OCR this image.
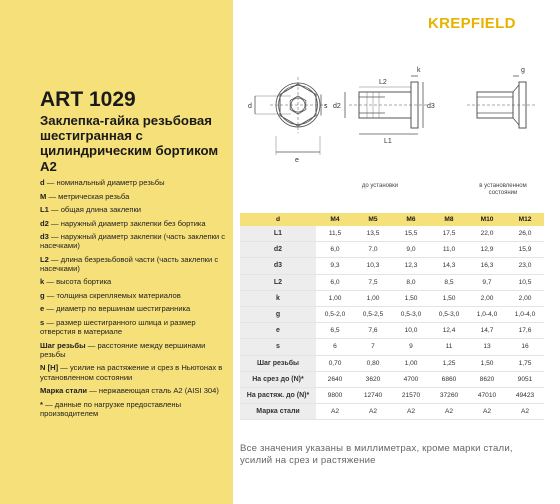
ART 1029
Заклепка-гайка резьбовая шестигранная с цилиндрическим бортиком А2
d — номинальный диаметр резьбы
M — метрическая резьба
L1 — общая длина заклепки
d2 — наружный диаметр заклепки без бортика
d3 — наружный диаметр заклепки (часть заклепки с насечками)
L2 — длина безрезьбовой части (часть заклепки с насечками)
k — высота бортика
g — толщина скрепляемых материалов
e — диаметр по вершинам шестигранника
s — размер шестигранного шлица и размер отверстия в материале
Шаг резьбы — расстояние между вершинами резьбы
N [H] — усилие на растяжение и срез в Ньютонах в установленном состоянии
Марка стали — нержавеющая сталь А2 (AISI 304)
* — данные по нагрузке предоставлены производителем
KREPFIELD
d
e
s d2	d3
L1
L2
k	g
до установки	в установленном состоянии
d	M4	M5	M6	M8	M10	M12
L1	11,5	13,5	15,5	17,5	22,0	26,0
d2	6,0	7,0	9,0	11,0	12,9	15,9
d3	9,3	10,3	12,3	14,3	16,3	23,0
L2	6,0	7,5	8,0	8,5	9,7	10,5
k	1,00	1,00	1,50	1,50	2,00	2,00
g	0,5-2,0	0,5-2,5	0,5-3,0	0,5-3,0	1,0-4,0	1,0-4,0
e	6,5	7,6	10,0	12,4	14,7	17,6
s	6	7	9	11	13	16
Шаг резьбы	0,70	0,80	1,00	1,25	1,50	1,75
На срез до (N)*	2640	3620	4700	6860	8620	9051
На растяж. до (N)*	9800	12740	21570	37260	47010	49423
Марка стали	A2	A2	A2	A2	A2	A2
Все значения указаны в миллиметрах, кроме марки стали, усилий на срез и растяжение
